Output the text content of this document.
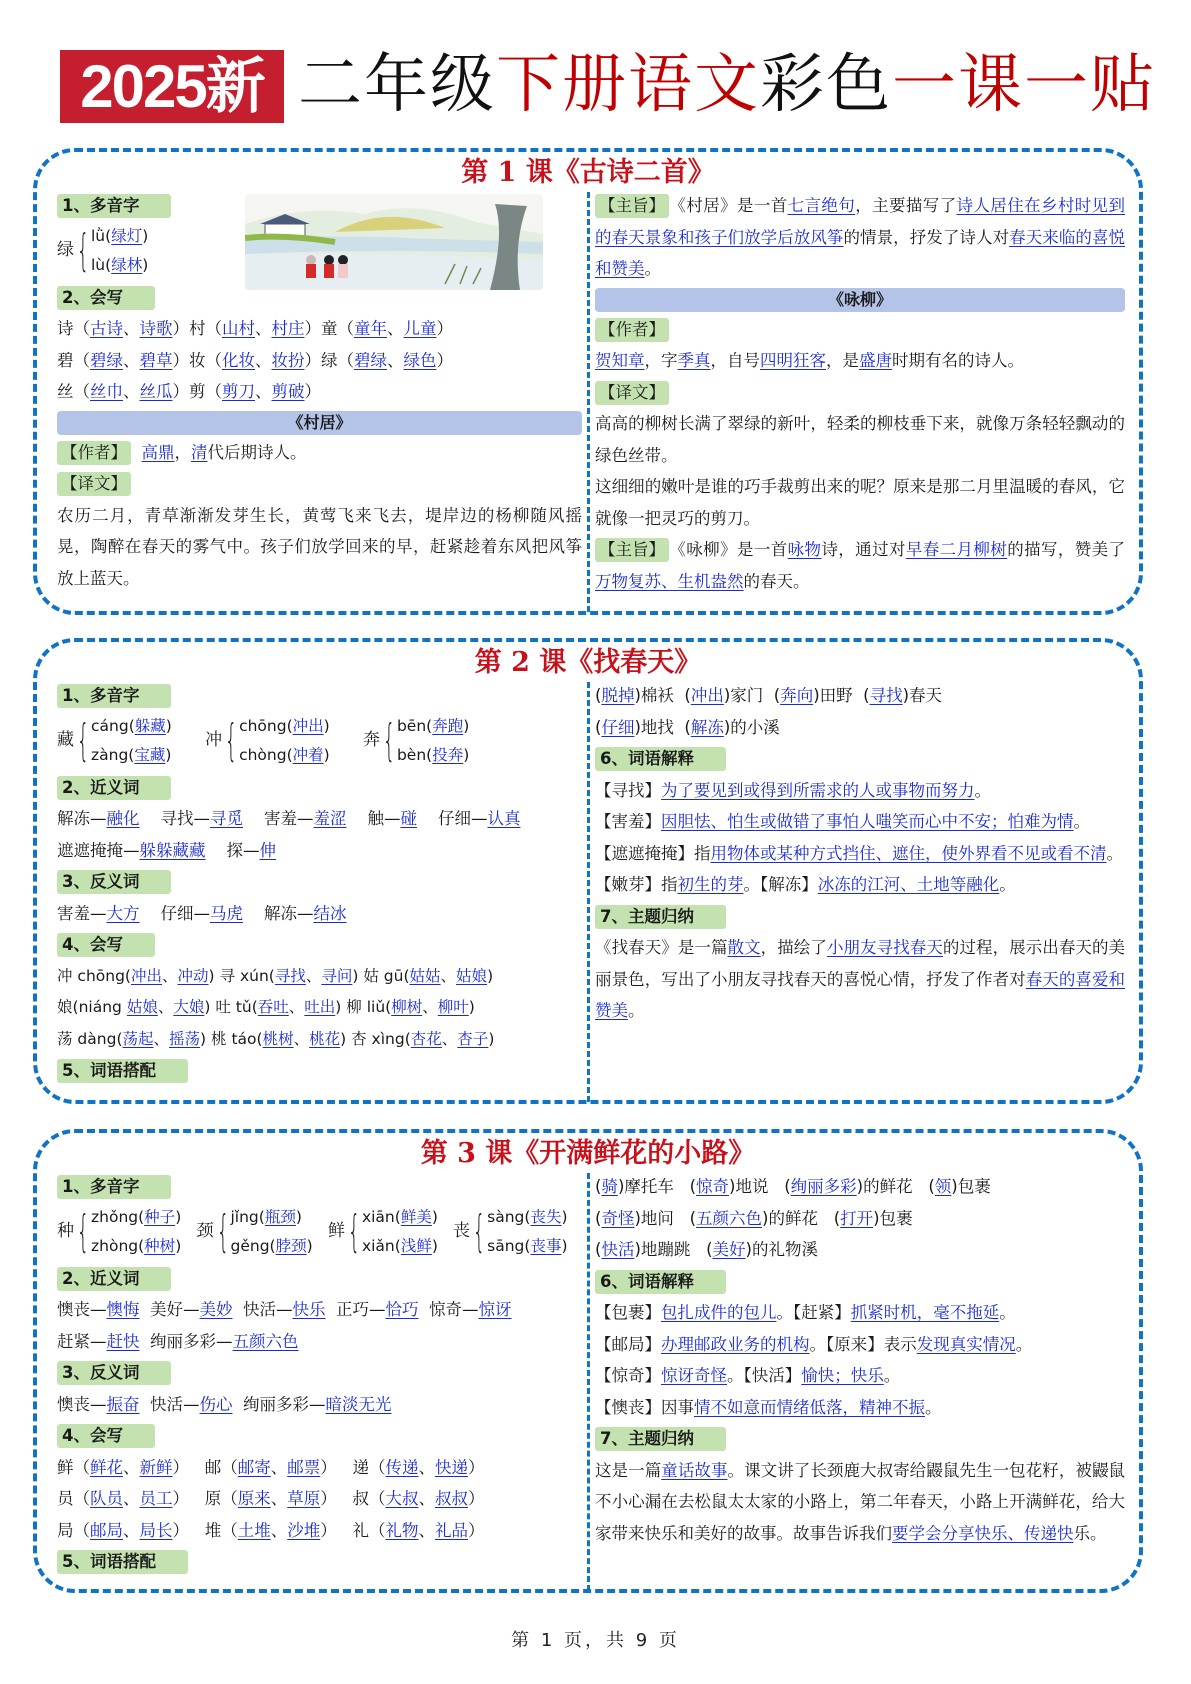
2025新 二年级下册语文彩色一课一贴
第 1 课《古诗二首》
1、多音字
绿 { lǜ(绿灯)
lù(绿林)
2、会写
诗（古诗、诗歌）村（山村、村庄）童（童年、儿童）
碧（碧绿、碧草）妆（化妆、妆扮）绿（碧绿、绿色）
丝（丝巾、丝瓜）剪（剪刀、剪破）
《村居》
【作者】 高鼎，清代后期诗人。
【译文】
农历二月，青草渐渐发芽生长，黄莺飞来飞去，堤岸边的杨柳随风摇晃，陶醉在春天的雾气中。孩子们放学回来的早，赶紧趁着东风把风筝放上蓝天。
【主旨】 《村居》是一首七言绝句，主要描写了诗人居住在乡村时见到的春天景象和孩子们放学后放风筝的情景，抒发了诗人对春天来临的喜悦和赞美。
《咏柳》
【作者】
贺知章，字季真，自号四明狂客，是盛唐时期有名的诗人。
【译文】
高高的柳树长满了翠绿的新叶，轻柔的柳枝垂下来，就像万条轻轻飘动的绿色丝带。
这细细的嫩叶是谁的巧手裁剪出来的呢？原来是那二月里温暖的春风，它就像一把灵巧的剪刀。
【主旨】 《咏柳》是一首咏物诗，通过对早春二月柳树的描写，赞美了万物复苏、生机盎然的春天。
第 2 课《找春天》
1、多音字
藏 { cáng(躲藏)
zàng(宝藏)

冲 { chōng(冲出)
chòng(冲着)

奔 { bēn(奔跑)
bèn(投奔)
2、近义词
解冻—融化 寻找—寻觅 害羞—羞涩 触—碰 仔细—认真
遮遮掩掩—躲躲藏藏 探—伸
3、反义词
害羞—大方 仔细—马虎 解冻—结冰
4、会写
冲 chōng(冲出、冲动) 寻 xún(寻找、寻问) 姑 gū(姑姑、姑娘)
娘(niáng 姑娘、大娘) 吐 tǔ(吞吐、吐出) 柳 liǔ(柳树、柳叶)
荡 dàng(荡起、摇荡) 桃 táo(桃树、桃花) 杏 xìng(杏花、杏子)
5、词语搭配
(脱掉)棉袄  (冲出)家门  (奔向)田野  (寻找)春天
(仔细)地找  (解冻)的小溪
6、词语解释
【寻找】为了要见到或得到所需求的人或事物而努力。
【害羞】因胆怯、怕生或做错了事怕人嗤笑而心中不安；怕难为情。
【遮遮掩掩】指用物体或某种方式挡住、遮住，使外界看不见或看不清。
【嫩芽】指初生的芽。【解冻】冰冻的江河、土地等融化。
7、主题归纳
《找春天》是一篇散文，描绘了小朋友寻找春天的过程，展示出春天的美丽景色，写出了小朋友寻找春天的喜悦心情，抒发了作者对春天的喜爱和赞美。
第 3 课《开满鲜花的小路》
1、多音字
种 { zhǒng(种子)
zhòng(种树)

颈 { jǐng(瓶颈)
gěng(脖颈)

鲜 { xiān(鲜美)
xiǎn(浅鲜)

丧 { sàng(丧失)
sāng(丧事)
2、近义词
懊丧—懊悔 美好—美妙 快活—快乐 正巧—恰巧 惊奇—惊讶
赶紧—赶快 绚丽多彩—五颜六色
3、反义词
懊丧—振奋 快活—伤心 绚丽多彩—暗淡无光
4、会写
鲜（鲜花、新鲜）   邮（邮寄、邮票）   递（传递、快递）
员（队员、员工）   原（原来、草原）   叔（大叔、叔叔）
局（邮局、局长）   堆（土堆、沙堆）   礼（礼物、礼品）
5、词语搭配
(骑)摩托车   (惊奇)地说   (绚丽多彩)的鲜花   (领)包裹
(奇怪)地问   (五颜六色)的鲜花   (打开)包裹
(快活)地蹦跳   (美好)的礼物溪
6、词语解释
【包裹】包扎成件的包儿。【赶紧】抓紧时机，毫不拖延。
【邮局】办理邮政业务的机构。【原来】表示发现真实情况。
【惊奇】惊讶奇怪。【快活】愉快；快乐。
【懊丧】因事情不如意而情绪低落，精神不振。
7、主题归纳
这是一篇童话故事。课文讲了长颈鹿大叔寄给鼹鼠先生一包花籽，被鼹鼠不小心漏在去松鼠太太家的小路上，第二年春天，小路上开满鲜花，给大家带来快乐和美好的故事。故事告诉我们要学会分享快乐、传递快乐。
第 1 页，共 9 页
